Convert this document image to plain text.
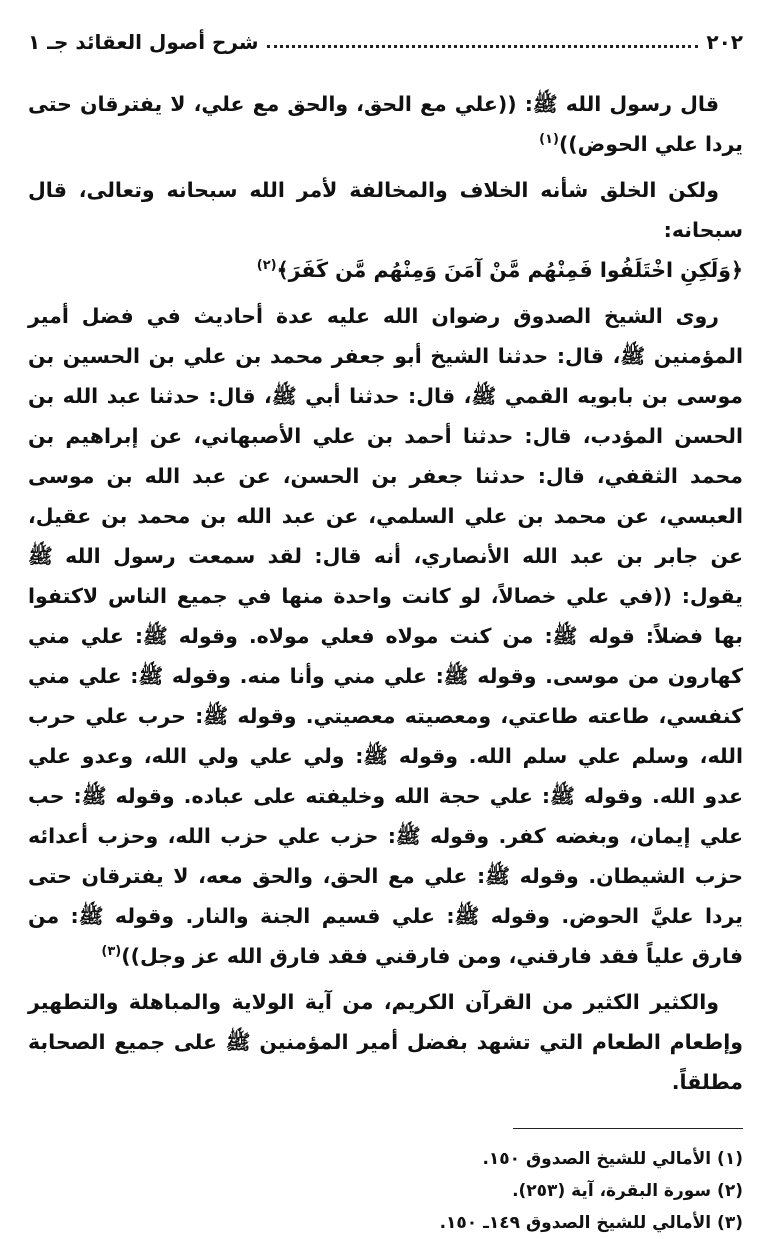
٢٠٢
شرح أصول العقائد جـ ١

قال رسول الله ﷺ: ((علي مع الحق، والحق مع علي، لا يفترقان حتى يردا علي الحوض))$^{(١)}$

ولكن الخلق شأنه الخلاف والمخالفة لأمر الله سبحانه وتعالى، قال سبحانه:
﴿وَلَكِنِ اخْتَلَفُوا فَمِنْهُم مَّنْ آمَنَ وَمِنْهُم مَّن كَفَرَ﴾$^{(٢)}$

روى الشيخ الصدوق رضوان الله عليه عدة أحاديث في فضل أمير المؤمنين ﷺ، قال: حدثنا الشيخ أبو جعفر محمد بن علي بن الحسين بن موسى بن بابويه القمي ﷺ، قال: حدثنا أبي ﷺ، قال: حدثنا عبد الله بن الحسن المؤدب، قال: حدثنا أحمد بن علي الأصبهاني، عن إبراهيم بن محمد الثقفي، قال: حدثنا جعفر بن الحسن، عن عبد الله بن موسى العبسي، عن محمد بن علي السلمي، عن عبد الله بن محمد بن عقيل، عن جابر بن عبد الله الأنصاري، أنه قال: لقد سمعت رسول الله ﷺ يقول: ((في علي خصالاً، لو كانت واحدة منها في جميع الناس لاكتفوا بها فضلاً: قوله ﷺ: من كنت مولاه فعلي مولاه. وقوله ﷺ: علي مني كهارون من موسى. وقوله ﷺ: علي مني وأنا منه. وقوله ﷺ: علي مني كنفسي، طاعته طاعتي، ومعصيته معصيتي. وقوله ﷺ: حرب علي حرب الله، وسلم علي سلم الله. وقوله ﷺ: ولي علي ولي الله، وعدو علي عدو الله. وقوله ﷺ: علي حجة الله وخليفته على عباده. وقوله ﷺ: حب علي إيمان، وبغضه كفر. وقوله ﷺ: حزب علي حزب الله، وحزب أعدائه حزب الشيطان. وقوله ﷺ: علي مع الحق، والحق معه، لا يفترقان حتى يردا عليَّ الحوض. وقوله ﷺ: علي قسيم الجنة والنار. وقوله ﷺ: من فارق علياً فقد فارقني، ومن فارقني فقد فارق الله عز وجل))$^{(٣)}$

والكثير الكثير من القرآن الكريم، من آية الولاية والمباهلة والتطهير وإطعام الطعام التي تشهد بفضل أمير المؤمنين ﷺ على جميع الصحابة مطلقاً.

(١) الأمالي للشيخ الصدوق ١٥٠.
(٢) سورة البقرة، آية (٢٥٣).
(٣) الأمالي للشيخ الصدوق ١٤٩ـ ١٥٠.
